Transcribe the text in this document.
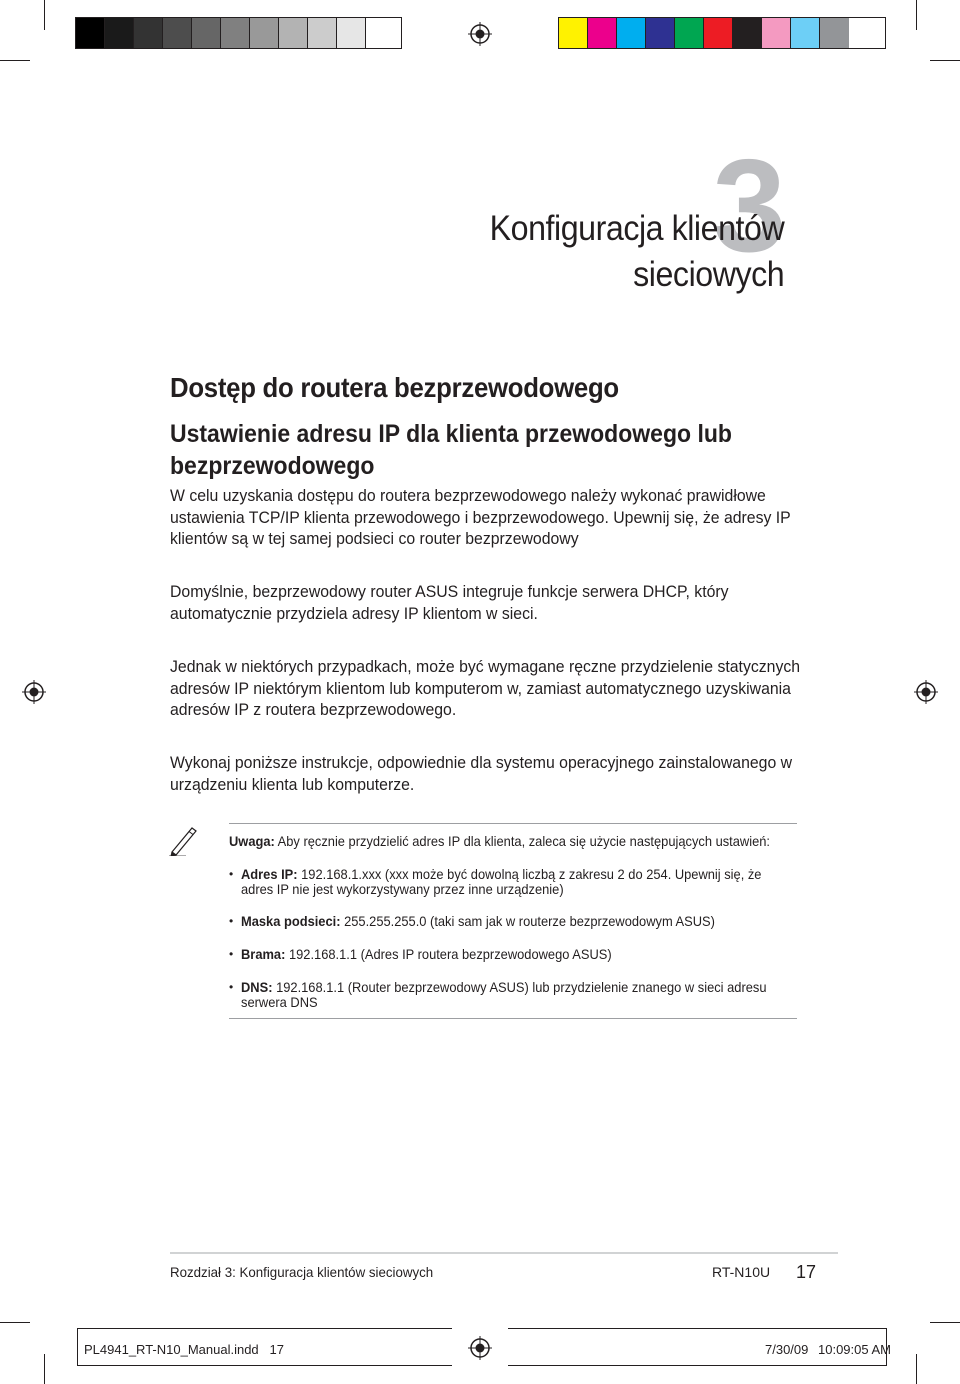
3
Konfiguracja klientów
sieciowych
Dostęp do routera bezprzewodowego
Ustawienie adresu IP dla klienta przewodowego lub bezprzewodowego
W celu uzyskania dostępu do routera bezprzewodowego należy wykonać prawidłowe ustawienia TCP/IP klienta przewodowego i bezprzewodowego. Upewnij się, że adresy IP klientów są w tej samej podsieci co router bezprzewodowy
Domyślnie, bezprzewodowy router ASUS integruje funkcje serwera DHCP, który automatycznie przydziela adresy IP klientom w sieci.
Jednak w niektórych przypadkach, może być wymagane ręczne przydzielenie statycznych adresów IP niektórym klientom lub komputerom w, zamiast automatycznego uzyskiwania adresów IP z routera bezprzewodowego.
Wykonaj poniższe instrukcje, odpowiednie dla systemu operacyjnego zainstalowanego w urządzeniu klienta lub komputerze.
Uwaga: Aby ręcznie przydzielić adres IP dla klienta, zaleca się użycie następujących ustawień:
• Adres IP: 192.168.1.xxx (xxx może być dowolną liczbą z zakresu 2 do 254. Upewnij się, że adres IP nie jest wykorzystywany przez inne urządzenie)
• Maska podsieci: 255.255.255.0 (taki sam jak w routerze bezprzewodowym ASUS)
• Brama: 192.168.1.1 (Adres IP routera bezprzewodowego ASUS)
• DNS: 192.168.1.1 (Router bezprzewodowy ASUS) lub przydzielenie znanego w sieci adresu serwera DNS
Rozdział 3: Konfiguracja klientów sieciowych	RT-N10U 17
PL4941_RT-N10_Manual.indd   17	7/30/09 10:09:05 AM
